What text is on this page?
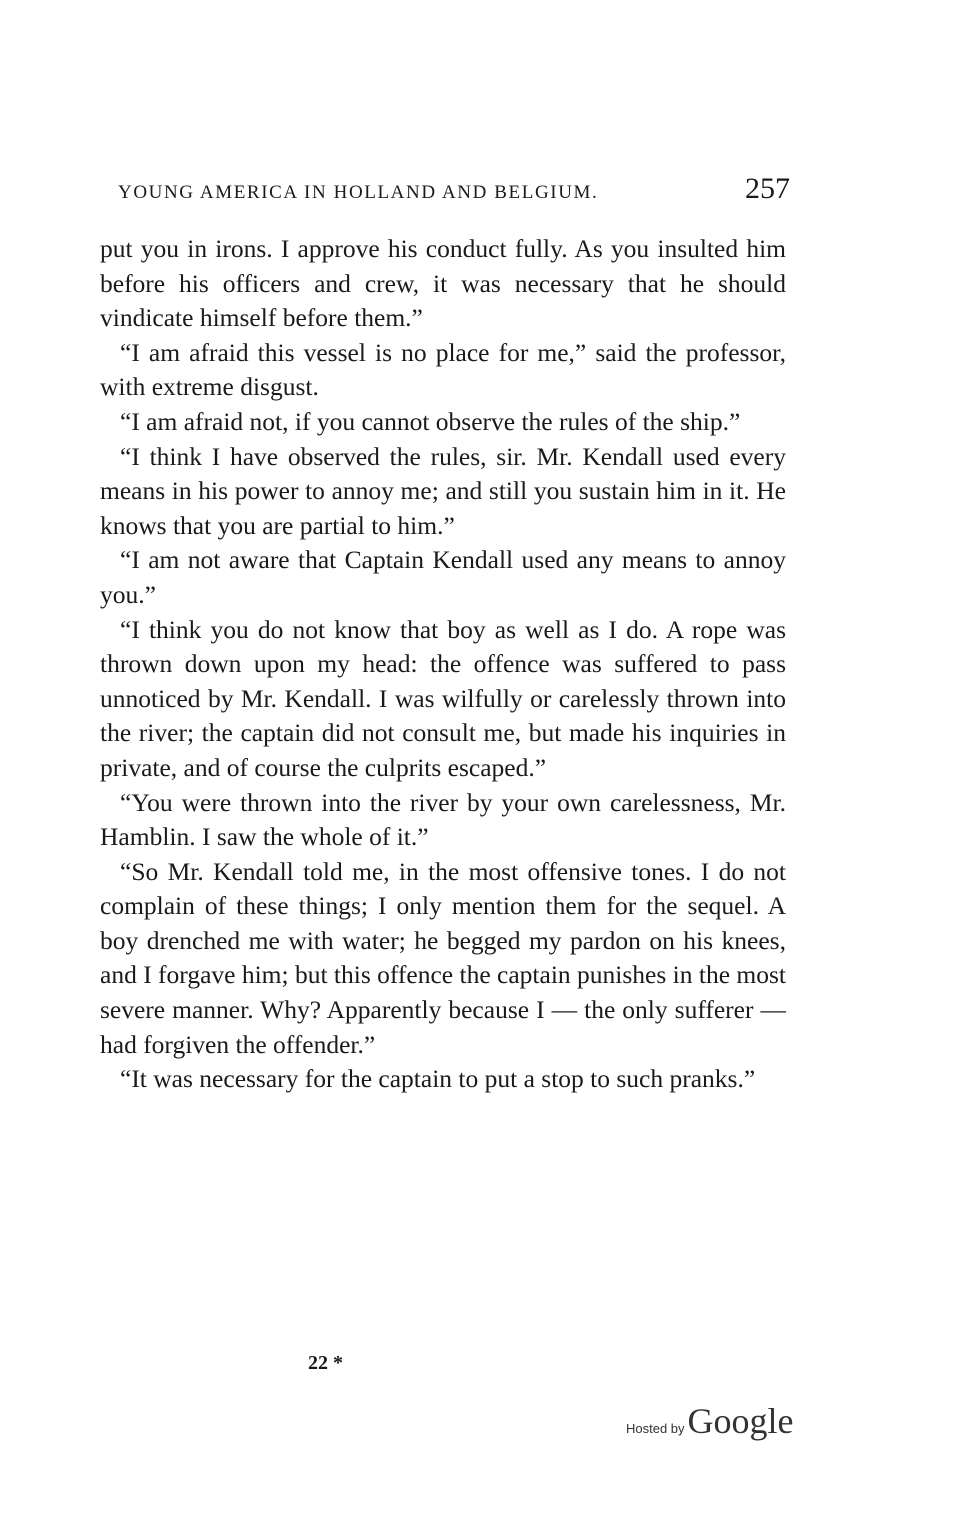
YOUNG AMERICA IN HOLLAND AND BELGIUM.	257

put you in irons. I approve his conduct fully. As you insulted him before his officers and crew, it was necessary that he should vindicate himself before them.”

“I am afraid this vessel is no place for me,” said the professor, with extreme disgust.

“I am afraid not, if you cannot observe the rules of the ship.”

“I think I have observed the rules, sir. Mr. Kendall used every means in his power to annoy me; and still you sustain him in it. He knows that you are partial to him.”

“I am not aware that Captain Kendall used any means to annoy you.”

“I think you do not know that boy as well as I do. A rope was thrown down upon my head: the offence was suffered to pass unnoticed by Mr. Kendall. I was wilfully or carelessly thrown into the river; the captain did not consult me, but made his inquiries in private, and of course the culprits escaped.”

“You were thrown into the river by your own carelessness, Mr. Hamblin. I saw the whole of it.”

“So Mr. Kendall told me, in the most offensive tones. I do not complain of these things; I only mention them for the sequel. A boy drenched me with water; he begged my pardon on his knees, and I forgave him; but this offence the captain punishes in the most severe manner. Why? Apparently because I — the only sufferer — had forgiven the offender.”

“It was necessary for the captain to put a stop to such pranks.”

22 *
Hosted by Google
